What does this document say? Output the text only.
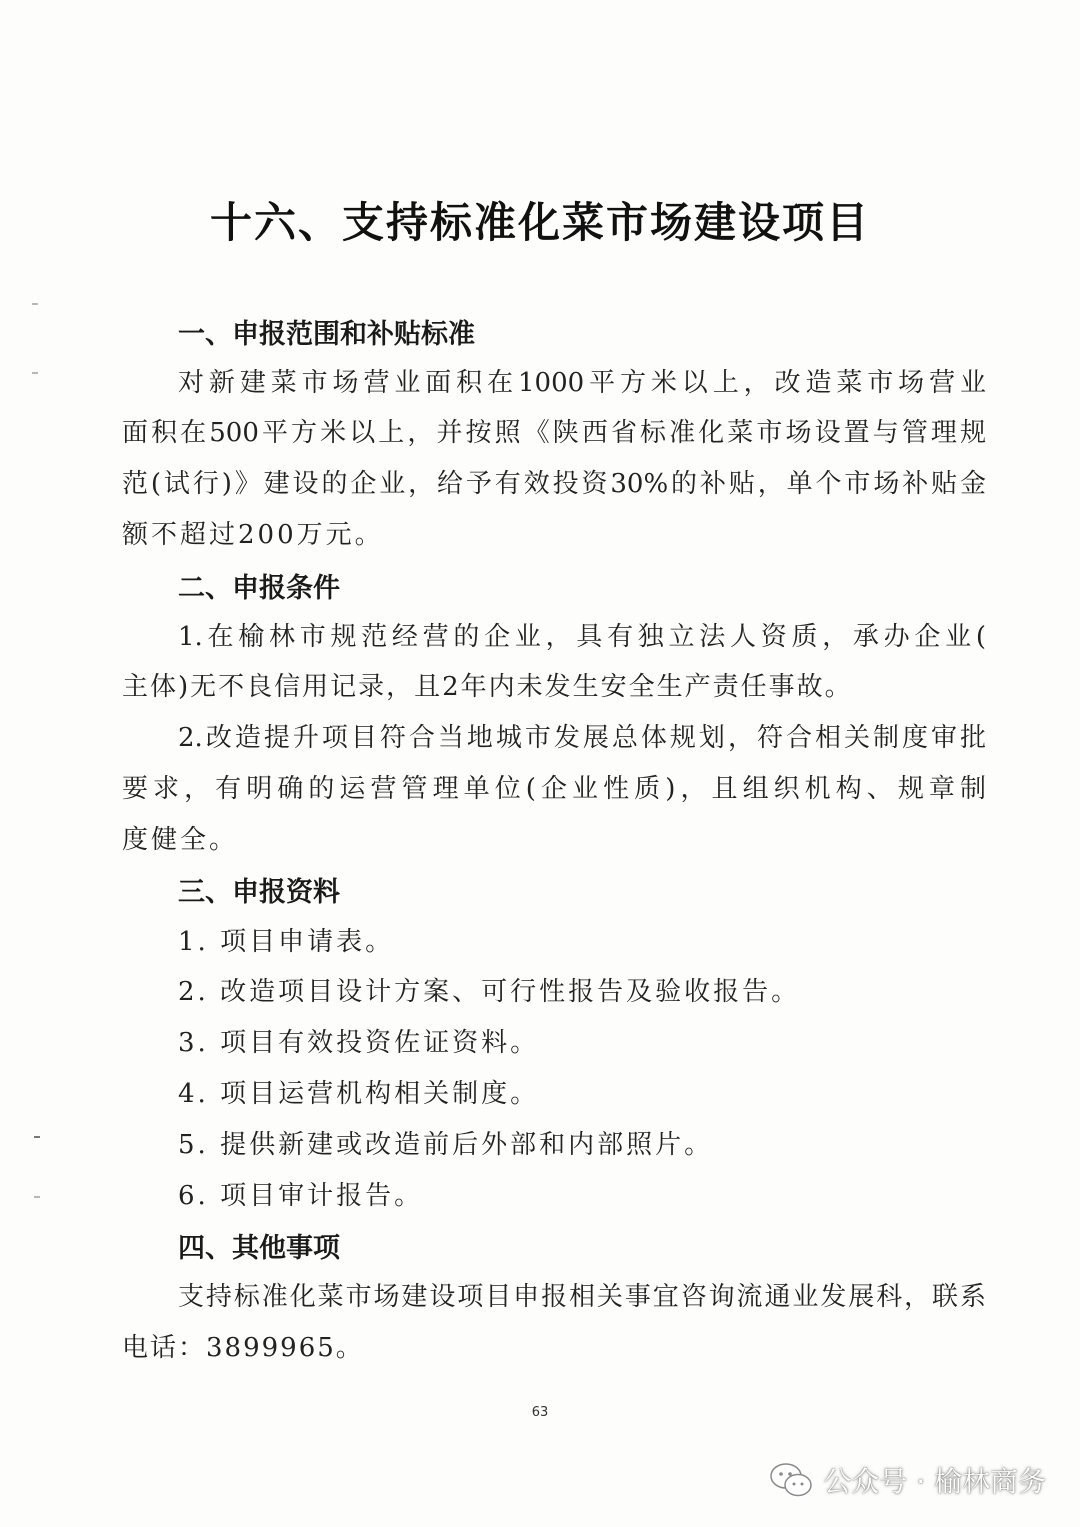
十六、支持标准化菜市场建设项目
一、申报范围和补贴标准
对新建菜市场营业面积在1000平方米以上，改造菜市场营业
面积在500平方米以上，并按照《陕西省标准化菜市场设置与管理规
范(试行)》建设的企业，给予有效投资30%的补贴，单个市场补贴金
额不超过200万元。
二、申报条件
1.在榆林市规范经营的企业，具有独立法人资质，承办企业(
主体)无不良信用记录，且2年内未发生安全生产责任事故。
2.改造提升项目符合当地城市发展总体规划，符合相关制度审批
要求，有明确的运营管理单位(企业性质)，且组织机构、规章制
度健全。
三、申报资料
1. 项目申请表。
2. 改造项目设计方案、可行性报告及验收报告。
3. 项目有效投资佐证资料。
4. 项目运营机构相关制度。
5. 提供新建或改造前后外部和内部照片。
6. 项目审计报告。
四、其他事项
支持标准化菜市场建设项目申报相关事宜咨询流通业发展科，联系
电话：3899965。
63
公众号 · 榆林商务
